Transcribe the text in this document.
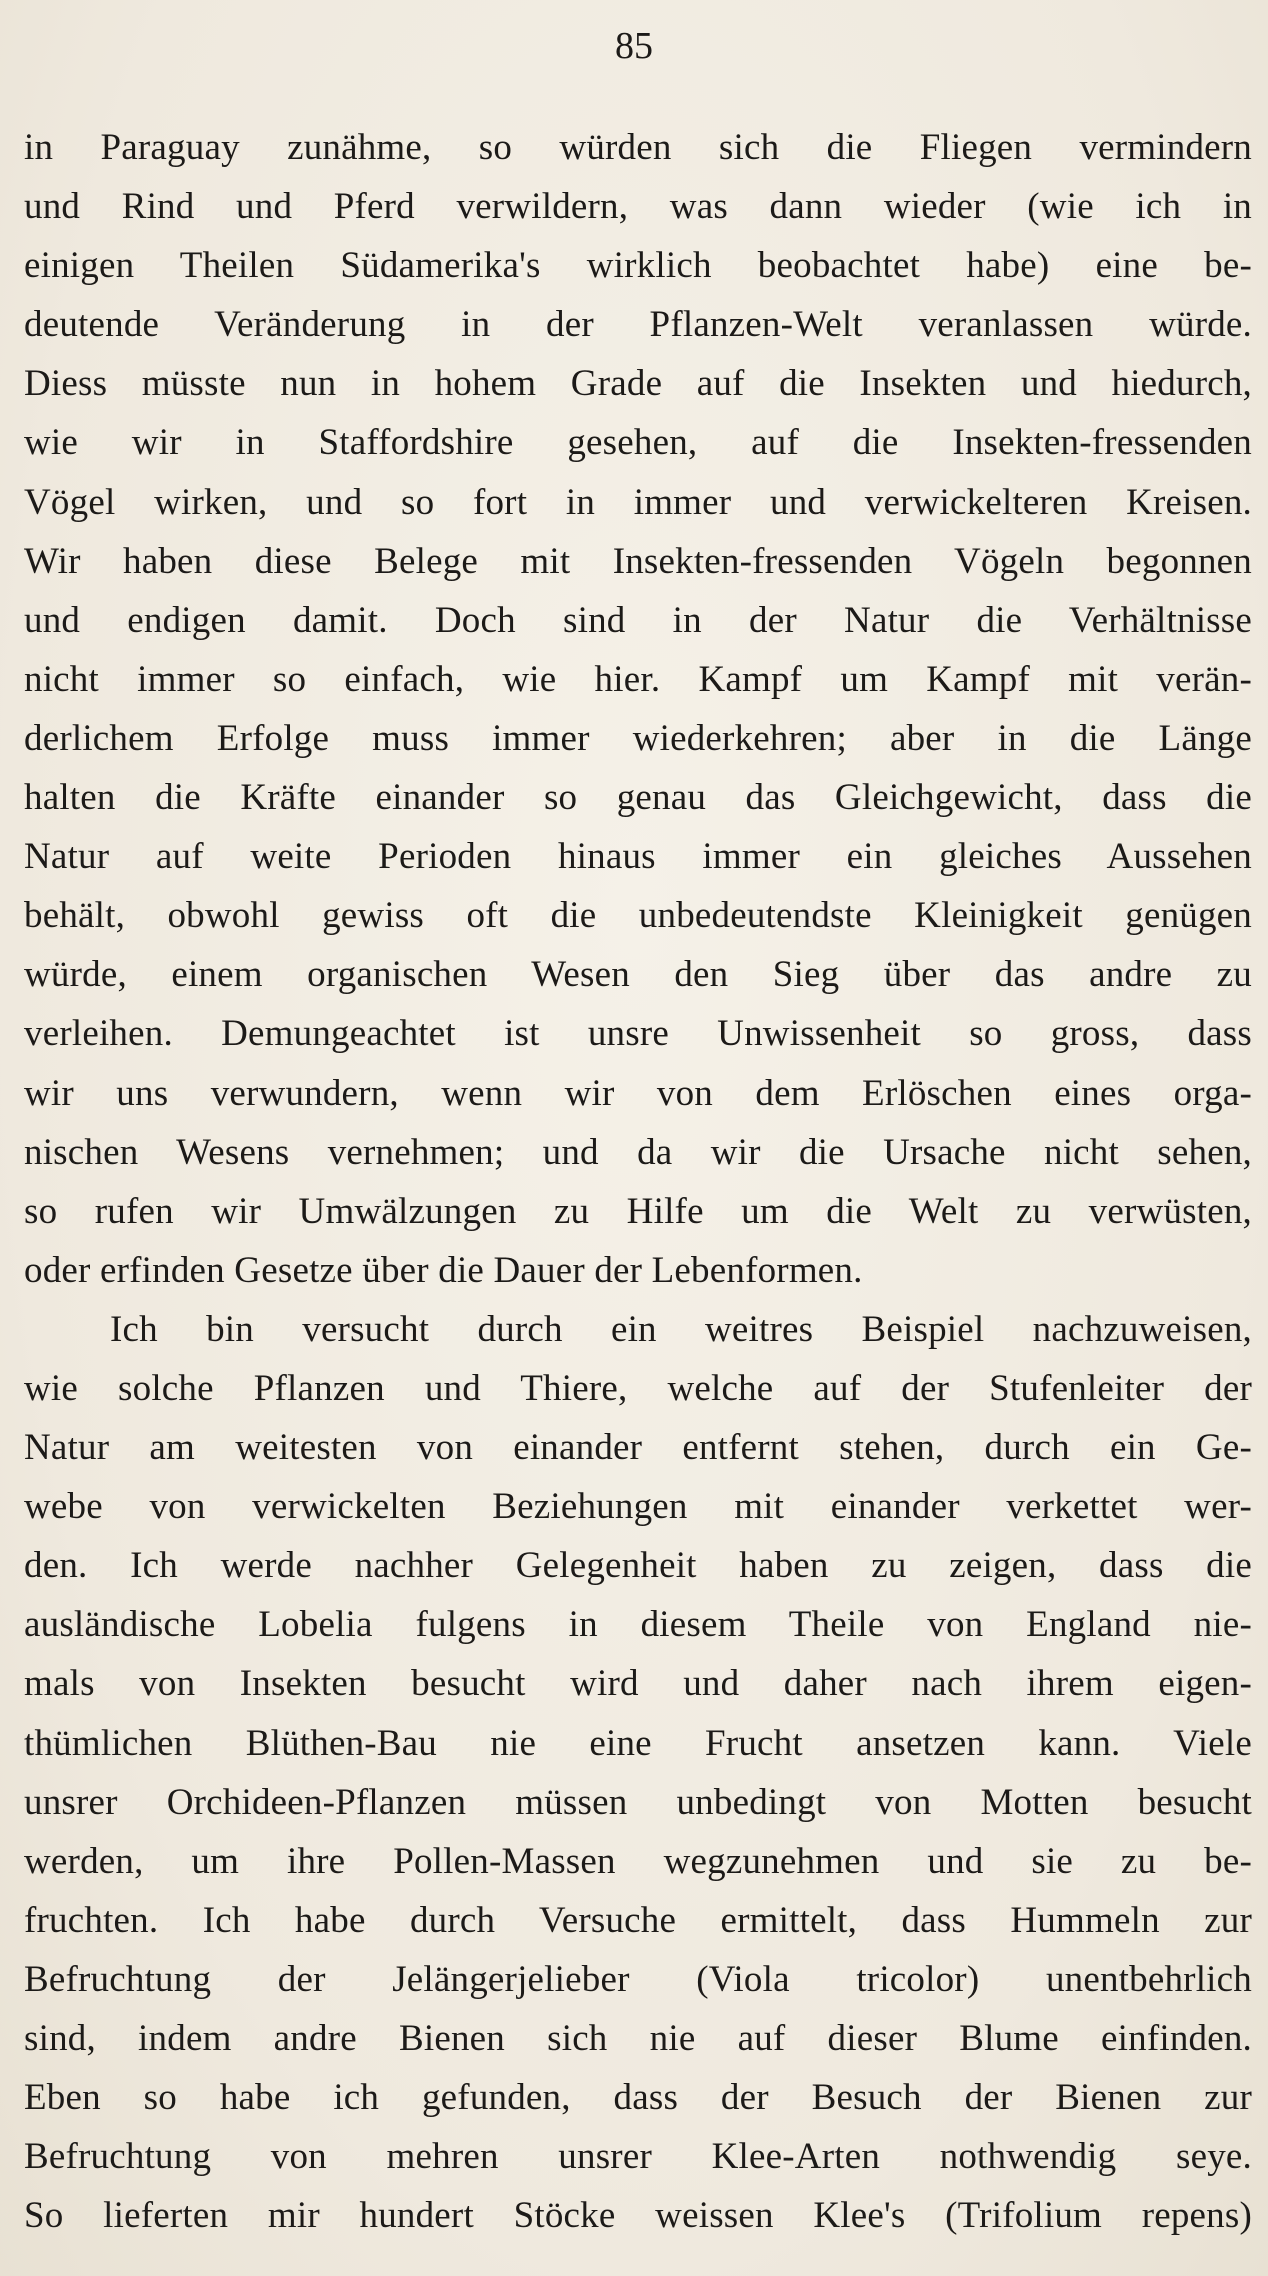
85
in Paraguay zunähme, so würden sich die Fliegen vermindern
und Rind und Pferd verwildern, was dann wieder (wie ich in
einigen Theilen Südamerika's wirklich beobachtet habe) eine be-
deutende Veränderung in der Pflanzen-Welt veranlassen würde.
Diess müsste nun in hohem Grade auf die Insekten und hiedurch,
wie wir in Staffordshire gesehen, auf die Insekten-fressenden
Vögel wirken, und so fort in immer und verwickelteren Kreisen.
Wir haben diese Belege mit Insekten-fressenden Vögeln begonnen
und endigen damit. Doch sind in der Natur die Verhältnisse
nicht immer so einfach, wie hier. Kampf um Kampf mit verän-
derlichem Erfolge muss immer wiederkehren; aber in die Länge
halten die Kräfte einander so genau das Gleichgewicht, dass die
Natur auf weite Perioden hinaus immer ein gleiches Aussehen
behält, obwohl gewiss oft die unbedeutendste Kleinigkeit genügen
würde, einem organischen Wesen den Sieg über das andre zu
verleihen. Demungeachtet ist unsre Unwissenheit so gross, dass
wir uns verwundern, wenn wir von dem Erlöschen eines orga-
nischen Wesens vernehmen; und da wir die Ursache nicht sehen,
so rufen wir Umwälzungen zu Hilfe um die Welt zu verwüsten,
oder erfinden Gesetze über die Dauer der Lebenformen.
Ich bin versucht durch ein weitres Beispiel nachzuweisen,
wie solche Pflanzen und Thiere, welche auf der Stufenleiter der
Natur am weitesten von einander entfernt stehen, durch ein Ge-
webe von verwickelten Beziehungen mit einander verkettet wer-
den. Ich werde nachher Gelegenheit haben zu zeigen, dass die
ausländische Lobelia fulgens in diesem Theile von England nie-
mals von Insekten besucht wird und daher nach ihrem eigen-
thümlichen Blüthen-Bau nie eine Frucht ansetzen kann. Viele
unsrer Orchideen-Pflanzen müssen unbedingt von Motten besucht
werden, um ihre Pollen-Massen wegzunehmen und sie zu be-
fruchten. Ich habe durch Versuche ermittelt, dass Hummeln zur
Befruchtung der Jelängerjelieber (Viola tricolor) unentbehrlich
sind, indem andre Bienen sich nie auf dieser Blume einfinden.
Eben so habe ich gefunden, dass der Besuch der Bienen zur
Befruchtung von mehren unsrer Klee-Arten nothwendig seye.
So lieferten mir hundert Stöcke weissen Klee's (Trifolium repens)
